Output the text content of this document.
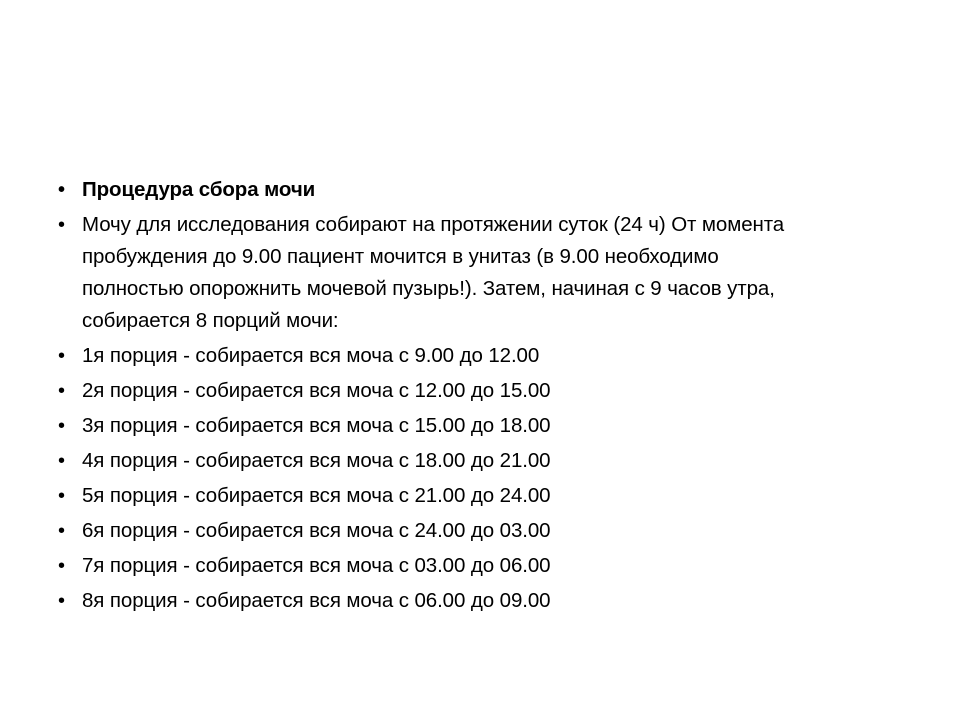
• Процедура сбора мочи
• Мочу для исследования собирают на протяжении суток (24 ч) От момента пробуждения до 9.00 пациент мочится в унитаз (в 9.00 необходимо полностью опорожнить мочевой пузырь!). Затем, начиная с 9 часов утра, собирается 8 порций мочи:
• 1я порция - собирается вся моча с 9.00 до 12.00
• 2я порция - собирается вся моча с 12.00 до 15.00
• 3я порция - собирается вся моча с 15.00 до 18.00
• 4я порция - собирается вся моча с 18.00 до 21.00
• 5я порция - собирается вся моча с 21.00 до 24.00
• 6я порция - собирается вся моча с 24.00 до 03.00
• 7я порция - собирается вся моча с 03.00 до 06.00
• 8я порция - собирается вся моча с 06.00 до 09.00
